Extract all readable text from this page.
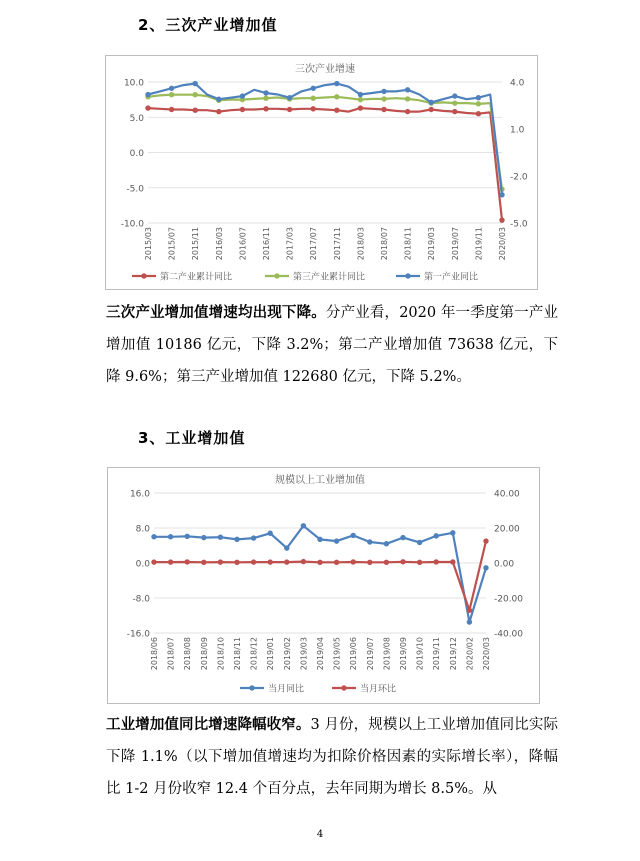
2、三次产业增加值
三次产业增速
10.0
5.0
0.0
-5.0
-10.0
4.0
1.0
-2.0
-5.0
2015/03 2015/07 2015/11 2016/03 2016/07 2016/11 2017/03 2017/07 2017/11 2018/03 2018/07 2018/11 2019/03 2019/07 2019/11 2020/03
第二产业累计同比	第三产业累计同比	第一产业同比
三次产业增加值增速均出现下降。分产业看，2020 年一季度第一产业增加值 10186 亿元，下降 3.2%；第二产业增加值 73638 亿元，下降 9.6%；第三产业增加值 122680 亿元，下降 5.2%。
3、工业增加值
规模以上工业增加值
16.0
8.0
0.0
-8.0
-16.0
40.00
20.00
0.00
-20.00
-40.00
2018/06 2018/07 2018/08 2018/09 2018/10 2018/11 2018/12 2019/01 2019/02 2019/03 2019/04 2019/05 2019/06 2019/07 2019/08 2019/09 2019/10 2019/11 2019/12 2020/02 2020/03
当月同比	当月环比
工业增加值同比增速降幅收窄。3 月份，规模以上工业增加值同比实际下降 1.1%（以下增加值增速均为扣除价格因素的实际增长率），降幅比 1-2 月份收窄 12.4 个百分点，去年同期为增长 8.5%。从
4
